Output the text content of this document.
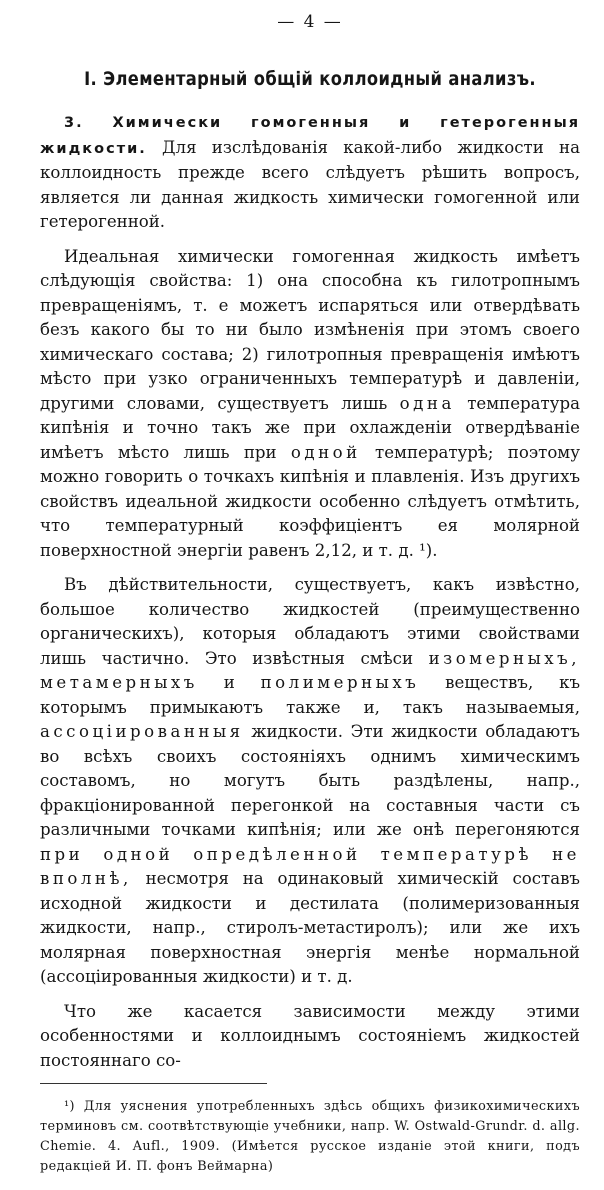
— 4 —
I. Элементарный общій коллоидный анализъ.

3. Химически гомогенныя и гетерогенныя жидкости. Для изслѣдованія какой-либо жидкости на коллоидность прежде всего слѣдуетъ рѣшить вопросъ, является ли данная жидкость химически гомогенной или гетерогенной.

Идеальная химически гомогенная жидкость имѣетъ слѣдующія свойства: 1) она способна къ гилотропнымъ превращеніямъ, т. е можетъ испаряться или отвердѣвать безъ какого бы то ни было измѣненія при этомъ своего химическаго состава; 2) гилотропныя превращенія имѣютъ мѣсто при узко ограниченныхъ температурѣ и давленіи, другими словами, существуетъ лишь одна температура кипѣнія и точно такъ же при охлажденіи отвердѣваніе имѣетъ мѣсто лишь при одной температурѣ; поэтому можно говорить о точкахъ кипѣнія и плавленія. Изъ другихъ свойствъ идеальной жидкости особенно слѣдуетъ отмѣтить, что температурный коэффиціентъ ея молярной поверхностной энергіи равенъ 2,12, и т. д. ¹).

Въ дѣйствительности, существуетъ, какъ извѣстно, большое количество жидкостей (преимущественно органическихъ), которыя обладаютъ этими свойствами лишь частично. Это извѣстныя смѣси изомерныхъ, метамерныхъ и полимерныхъ веществъ, къ которымъ примыкаютъ также и, такъ называемыя, ассоціированныя жидкости. Эти жидкости обладаютъ во всѣхъ своихъ состояніяхъ однимъ химическимъ составомъ, но могутъ быть раздѣлены, напр., фракціонированной перегонкой на составныя части съ различными точками кипѣнія; или же онѣ перегоняются при одной опредѣленной температурѣ не вполнѣ, несмотря на одинаковый химическій составъ исходной жидкости и дестилата (полимеризованныя жидкости, напр., стиролъ-метастиролъ); или же ихъ молярная поверхностная энергія менѣе нормальной (ассоціированныя жидкости) и т. д.

Что же касается зависимости между этими особенностями и коллоиднымъ состояніемъ жидкостей постояннаго со-

¹) Для уяснения употребленныхъ здѣсь общихъ физикохимическихъ терминовъ см. соотвѣтствующіе учебники, напр. W. Ostwald-Grundr. d. allg. Chemie. 4. Aufl., 1909. (Имѣется русское изданіе этой книги, подъ редакціей И. П. фонъ Веймарна)
